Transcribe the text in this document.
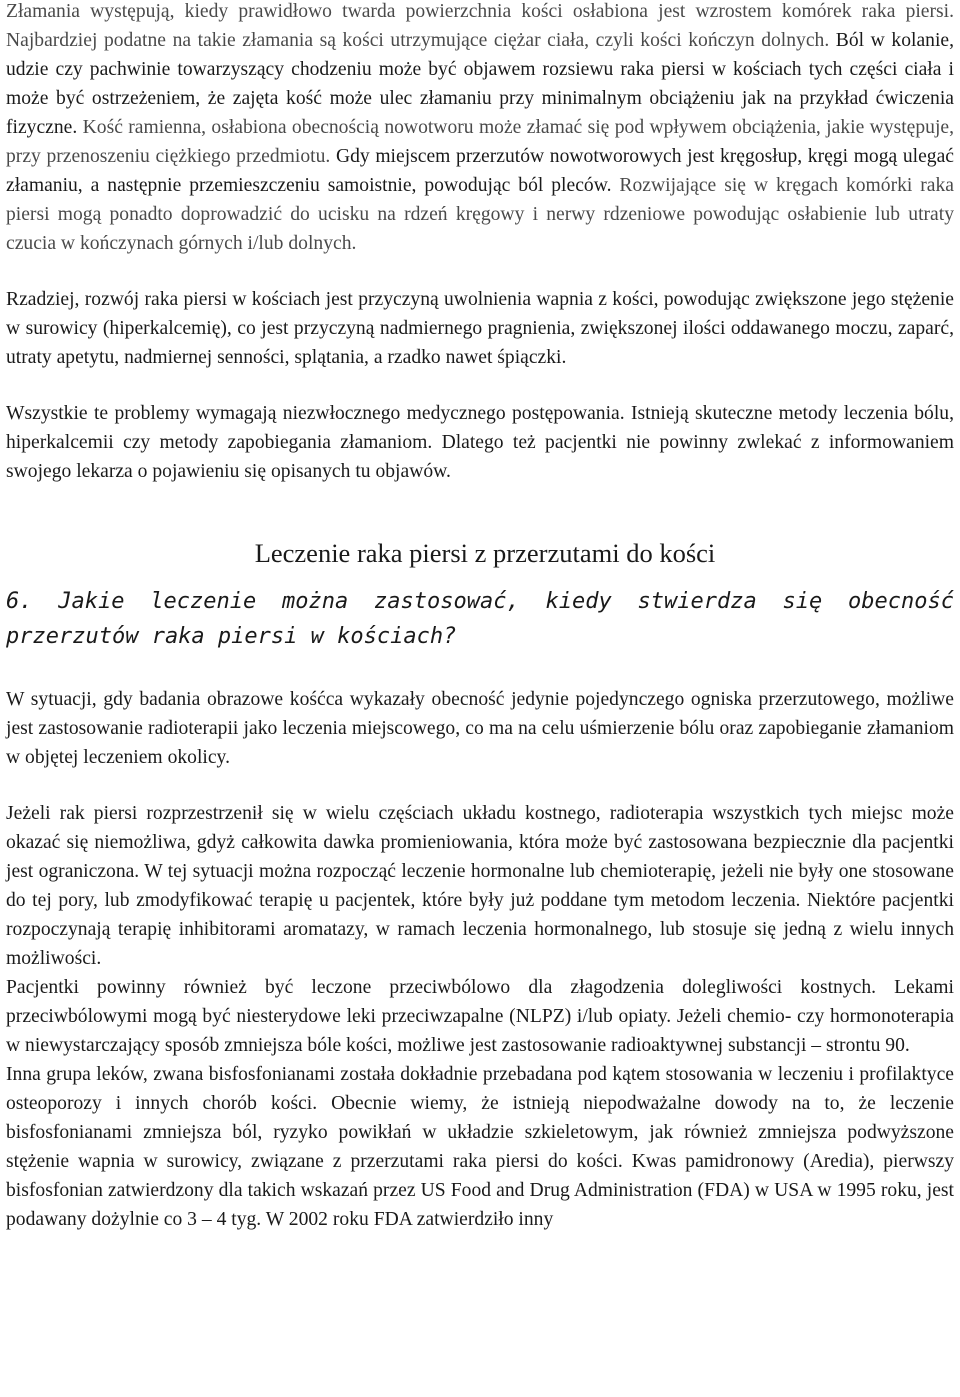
Złamania występują, kiedy prawidłowo twarda powierzchnia kości osłabiona jest wzrostem komórek raka piersi. Najbardziej podatne na takie złamania są kości utrzymujące ciężar ciała, czyli kości kończyn dolnych. Ból w kolanie, udzie czy pachwinie towarzyszący chodzeniu może być objawem rozsiewu raka piersi w kościach tych części ciała i może być ostrzeżeniem, że zajęta kość może ulec złamaniu przy minimalnym obciążeniu jak na przykład ćwiczenia fizyczne. Kość ramienna, osłabiona obecnością nowotworu może złamać się pod wpływem obciążenia, jakie występuje, przy przenoszeniu ciężkiego przedmiotu. Gdy miejscem przerzutów nowotworowych jest kręgosłup, kręgi mogą ulegać złamaniu, a następnie przemieszczeniu samoistnie, powodując ból pleców. Rozwijające się w kręgach komórki raka piersi mogą ponadto doprowadzić do ucisku na rdzeń kręgowy i nerwy rdzeniowe powodując osłabienie lub utraty czucia w kończynach górnych i/lub dolnych.

Rzadziej, rozwój raka piersi w kościach jest przyczyną uwolnienia wapnia z kości, powodując zwiększone jego stężenie w surowicy (hiperkalcemię), co jest przyczyną nadmiernego pragnienia, zwiększonej ilości oddawanego moczu, zaparć, utraty apetytu, nadmiernej senności, splątania, a rzadko nawet śpiączki.

Wszystkie te problemy wymagają niezwłocznego medycznego postępowania. Istnieją skuteczne metody leczenia bólu, hiperkalcemii czy metody zapobiegania złamaniom. Dlatego też pacjentki nie powinny zwlekać z informowaniem swojego lekarza o pojawieniu się opisanych tu objawów.

Leczenie raka piersi z przerzutami do kości
6. Jakie leczenie można zastosować, kiedy stwierdza się obecność przerzutów raka piersi w kościach?

W sytuacji, gdy badania obrazowe kośćca wykazały obecność jedynie pojedynczego ogniska przerzutowego, możliwe jest zastosowanie radioterapii jako leczenia miejscowego, co ma na celu uśmierzenie bólu oraz zapobieganie złamaniom w objętej leczeniem okolicy.

Jeżeli rak piersi rozprzestrzenił się w wielu częściach układu kostnego, radioterapia wszystkich tych miejsc może okazać się niemożliwa, gdyż całkowita dawka promieniowania, która może być zastosowana bezpiecznie dla pacjentki jest ograniczona. W tej sytuacji można rozpocząć leczenie hormonalne lub chemioterapię, jeżeli nie były one stosowane do tej pory, lub zmodyfikować terapię u pacjentek, które były już poddane tym metodom leczenia. Niektóre pacjentki rozpoczynają terapię inhibitorami aromatazy, w ramach leczenia hormonalnego, lub stosuje się jedną z wielu innych możliwości.

Pacjentki powinny również być leczone przeciwbólowo dla złagodzenia dolegliwości kostnych. Lekami przeciwbólowymi mogą być niesterydowe leki przeciwzapalne (NLPZ) i/lub opiaty. Jeżeli chemio- czy hormonoterapia w niewystarczający sposób zmniejsza bóle kości, możliwe jest zastosowanie radioaktywnej substancji – strontu 90.

Inna grupa leków, zwana bisfosfonianami została dokładnie przebadana pod kątem stosowania w leczeniu i profilaktyce osteoporozy i innych chorób kości. Obecnie wiemy, że istnieją niepodważalne dowody na to, że leczenie bisfosfonianami zmniejsza ból, ryzyko powikłań w układzie szkieletowym, jak również zmniejsza podwyższone stężenie wapnia w surowicy, związane z przerzutami raka piersi do kości. Kwas pamidronowy (Aredia), pierwszy bisfosfonian zatwierdzony dla takich wskazań przez US Food and Drug Administration (FDA) w USA w 1995 roku, jest podawany dożylnie co 3 – 4 tyg. W 2002 roku FDA zatwierdziło inny
